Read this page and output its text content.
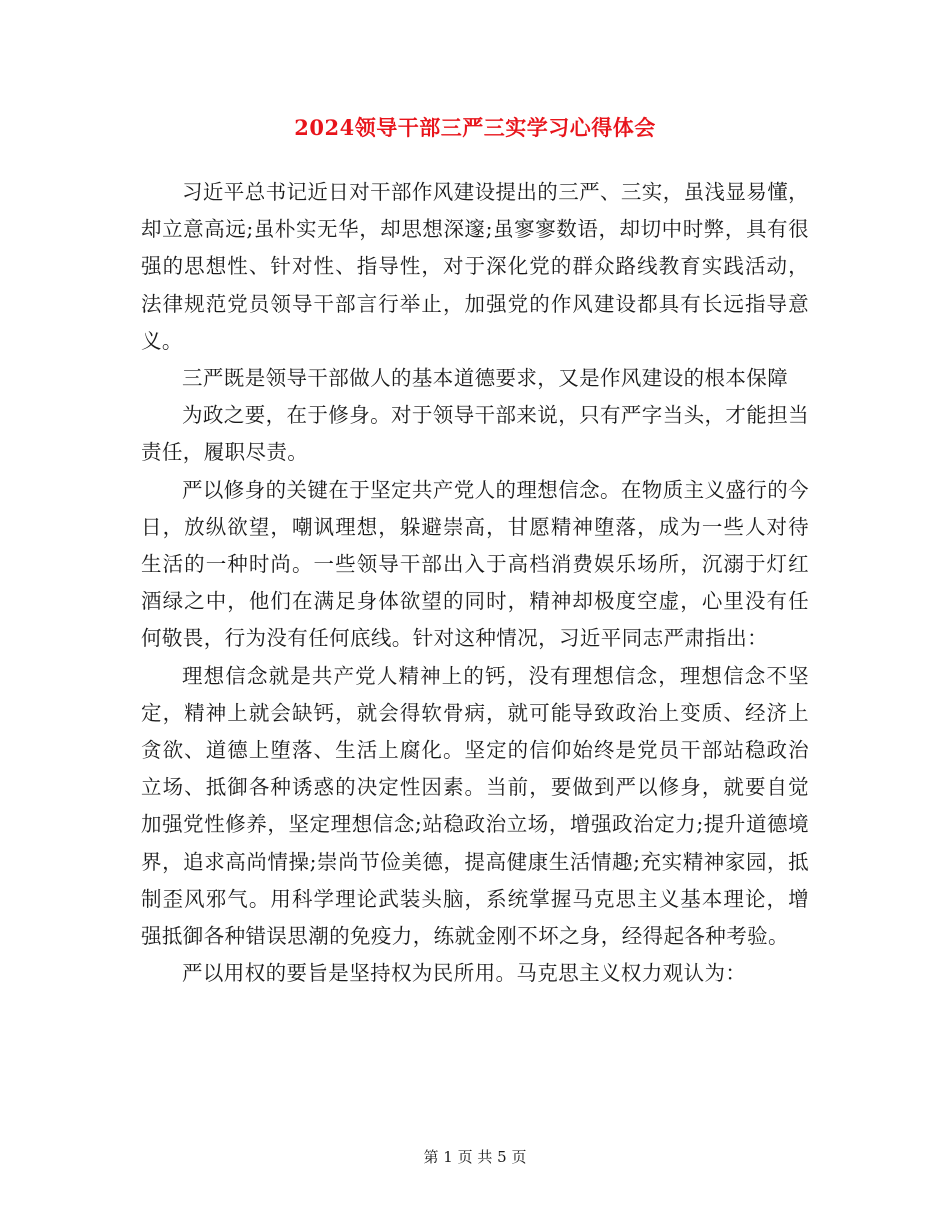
2024领导干部三严三实学习心得体会

习近平总书记近日对干部作风建设提出的三严、三实，虽浅显易懂，却立意高远;虽朴实无华，却思想深邃;虽寥寥数语，却切中时弊，具有很强的思想性、针对性、指导性，对于深化党的群众路线教育实践活动，法律规范党员领导干部言行举止，加强党的作风建设都具有长远指导意义。

三严既是领导干部做人的基本道德要求，又是作风建设的根本保障

为政之要，在于修身。对于领导干部来说，只有严字当头，才能担当责任，履职尽责。

严以修身的关键在于坚定共产党人的理想信念。在物质主义盛行的今日，放纵欲望，嘲讽理想，躲避崇高，甘愿精神堕落，成为一些人对待生活的一种时尚。一些领导干部出入于高档消费娱乐场所，沉溺于灯红酒绿之中，他们在满足身体欲望的同时，精神却极度空虚，心里没有任何敬畏，行为没有任何底线。针对这种情况，习近平同志严肃指出：

理想信念就是共产党人精神上的钙，没有理想信念，理想信念不坚定，精神上就会缺钙，就会得软骨病，就可能导致政治上变质、经济上贪欲、道德上堕落、生活上腐化。坚定的信仰始终是党员干部站稳政治立场、抵御各种诱惑的决定性因素。当前，要做到严以修身，就要自觉加强党性修养，坚定理想信念;站稳政治立场，增强政治定力;提升道德境界，追求高尚情操;崇尚节俭美德，提高健康生活情趣;充实精神家园，抵制歪风邪气。用科学理论武装头脑，系统掌握马克思主义基本理论，增强抵御各种错误思潮的免疫力，练就金刚不坏之身，经得起各种考验。

严以用权的要旨是坚持权为民所用。马克思主义权力观认为：

第 1 页 共 5 页
